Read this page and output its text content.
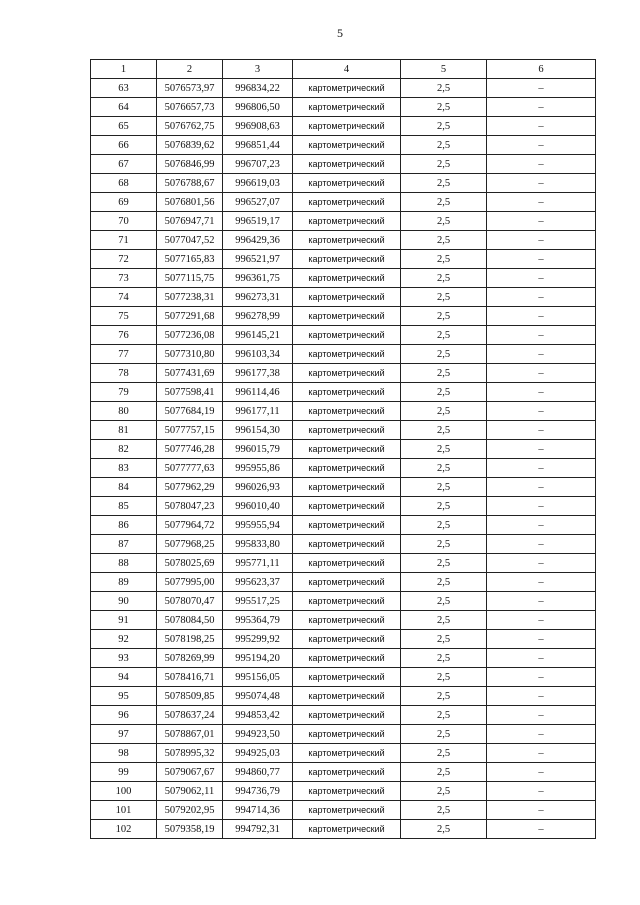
5
1	2	3	4	5	6
63	5076573,97	996834,22	картометрический	2,5	–
64	5076657,73	996806,50	картометрический	2,5	–
65	5076762,75	996908,63	картометрический	2,5	–
66	5076839,62	996851,44	картометрический	2,5	–
67	5076846,99	996707,23	картометрический	2,5	–
68	5076788,67	996619,03	картометрический	2,5	–
69	5076801,56	996527,07	картометрический	2,5	–
70	5076947,71	996519,17	картометрический	2,5	–
71	5077047,52	996429,36	картометрический	2,5	–
72	5077165,83	996521,97	картометрический	2,5	–
73	5077115,75	996361,75	картометрический	2,5	–
74	5077238,31	996273,31	картометрический	2,5	–
75	5077291,68	996278,99	картометрический	2,5	–
76	5077236,08	996145,21	картометрический	2,5	–
77	5077310,80	996103,34	картометрический	2,5	–
78	5077431,69	996177,38	картометрический	2,5	–
79	5077598,41	996114,46	картометрический	2,5	–
80	5077684,19	996177,11	картометрический	2,5	–
81	5077757,15	996154,30	картометрический	2,5	–
82	5077746,28	996015,79	картометрический	2,5	–
83	5077777,63	995955,86	картометрический	2,5	–
84	5077962,29	996026,93	картометрический	2,5	–
85	5078047,23	996010,40	картометрический	2,5	–
86	5077964,72	995955,94	картометрический	2,5	–
87	5077968,25	995833,80	картометрический	2,5	–
88	5078025,69	995771,11	картометрический	2,5	–
89	5077995,00	995623,37	картометрический	2,5	–
90	5078070,47	995517,25	картометрический	2,5	–
91	5078084,50	995364,79	картометрический	2,5	–
92	5078198,25	995299,92	картометрический	2,5	–
93	5078269,99	995194,20	картометрический	2,5	–
94	5078416,71	995156,05	картометрический	2,5	–
95	5078509,85	995074,48	картометрический	2,5	–
96	5078637,24	994853,42	картометрический	2,5	–
97	5078867,01	994923,50	картометрический	2,5	–
98	5078995,32	994925,03	картометрический	2,5	–
99	5079067,67	994860,77	картометрический	2,5	–
100	5079062,11	994736,79	картометрический	2,5	–
101	5079202,95	994714,36	картометрический	2,5	–
102	5079358,19	994792,31	картометрический	2,5	–
